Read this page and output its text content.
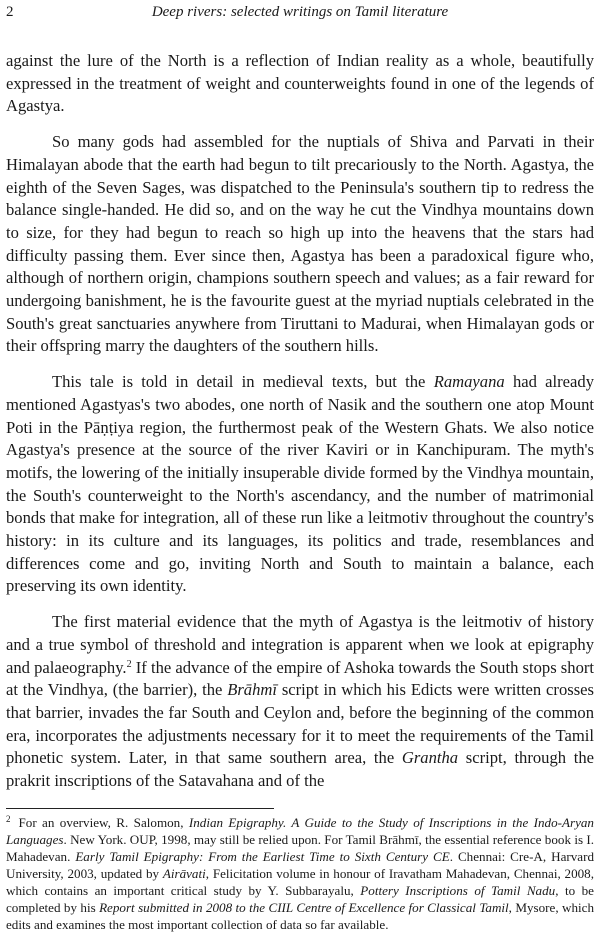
2	Deep rivers: selected writings on Tamil literature

against the lure of the North is a reflection of Indian reality as a whole, beautifully expressed in the treatment of weight and counterweights found in one of the legends of Agastya.

So many gods had assembled for the nuptials of Shiva and Parvati in their Himalayan abode that the earth had begun to tilt precariously to the North. Agastya, the eighth of the Seven Sages, was dispatched to the Peninsula's southern tip to redress the balance single-handed. He did so, and on the way he cut the Vindhya mountains down to size, for they had begun to reach so high up into the heavens that the stars had difficulty passing them. Ever since then, Agastya has been a paradoxical figure who, although of northern origin, champions southern speech and values; as a fair reward for undergoing banishment, he is the favourite guest at the myriad nuptials celebrated in the South's great sanctuaries anywhere from Tiruttani to Madurai, when Himalayan gods or their offspring marry the daughters of the southern hills.

This tale is told in detail in medieval texts, but the Ramayana had already mentioned Agastyas's two abodes, one north of Nasik and the southern one atop Mount Poti in the Pāṇṭiya region, the furthermost peak of the Western Ghats. We also notice Agastya's presence at the source of the river Kaviri or in Kanchipuram. The myth's motifs, the lowering of the initially insuperable divide formed by the Vindhya mountain, the South's counterweight to the North's ascendancy, and the number of matrimonial bonds that make for integration, all of these run like a leitmotiv throughout the country's history: in its culture and its languages, its politics and trade, resemblances and differences come and go, inviting North and South to maintain a balance, each preserving its own identity.

The first material evidence that the myth of Agastya is the leitmotiv of history and a true symbol of threshold and integration is apparent when we look at epigraphy and palaeography.$^2$ If the advance of the empire of Ashoka towards the South stops short at the Vindhya, (the barrier), the Brāhmī script in which his Edicts were written crosses that barrier, invades the far South and Ceylon and, before the beginning of the common era, incorporates the adjustments necessary for it to meet the requirements of the Tamil phonetic system. Later, in that same southern area, the Grantha script, through the prakrit inscriptions of the Satavahana and of the

$^2$ For an overview, R. Salomon, Indian Epigraphy. A Guide to the Study of Inscriptions in the Indo-Aryan Languages. New York. OUP, 1998, may still be relied upon. For Tamil Brāhmī, the essential reference book is I. Mahadevan. Early Tamil Epigraphy: From the Earliest Time to Sixth Century CE. Chennai: Cre-A, Harvard University, 2003, updated by Airāvati, Felicitation volume in honour of Iravatham Mahadevan, Chennai, 2008, which contains an important critical study by Y. Subbarayalu, Pottery Inscriptions of Tamil Nadu, to be completed by his Report submitted in 2008 to the CIIL Centre of Excellence for Classical Tamil, Mysore, which edits and examines the most important collection of data so far available.
